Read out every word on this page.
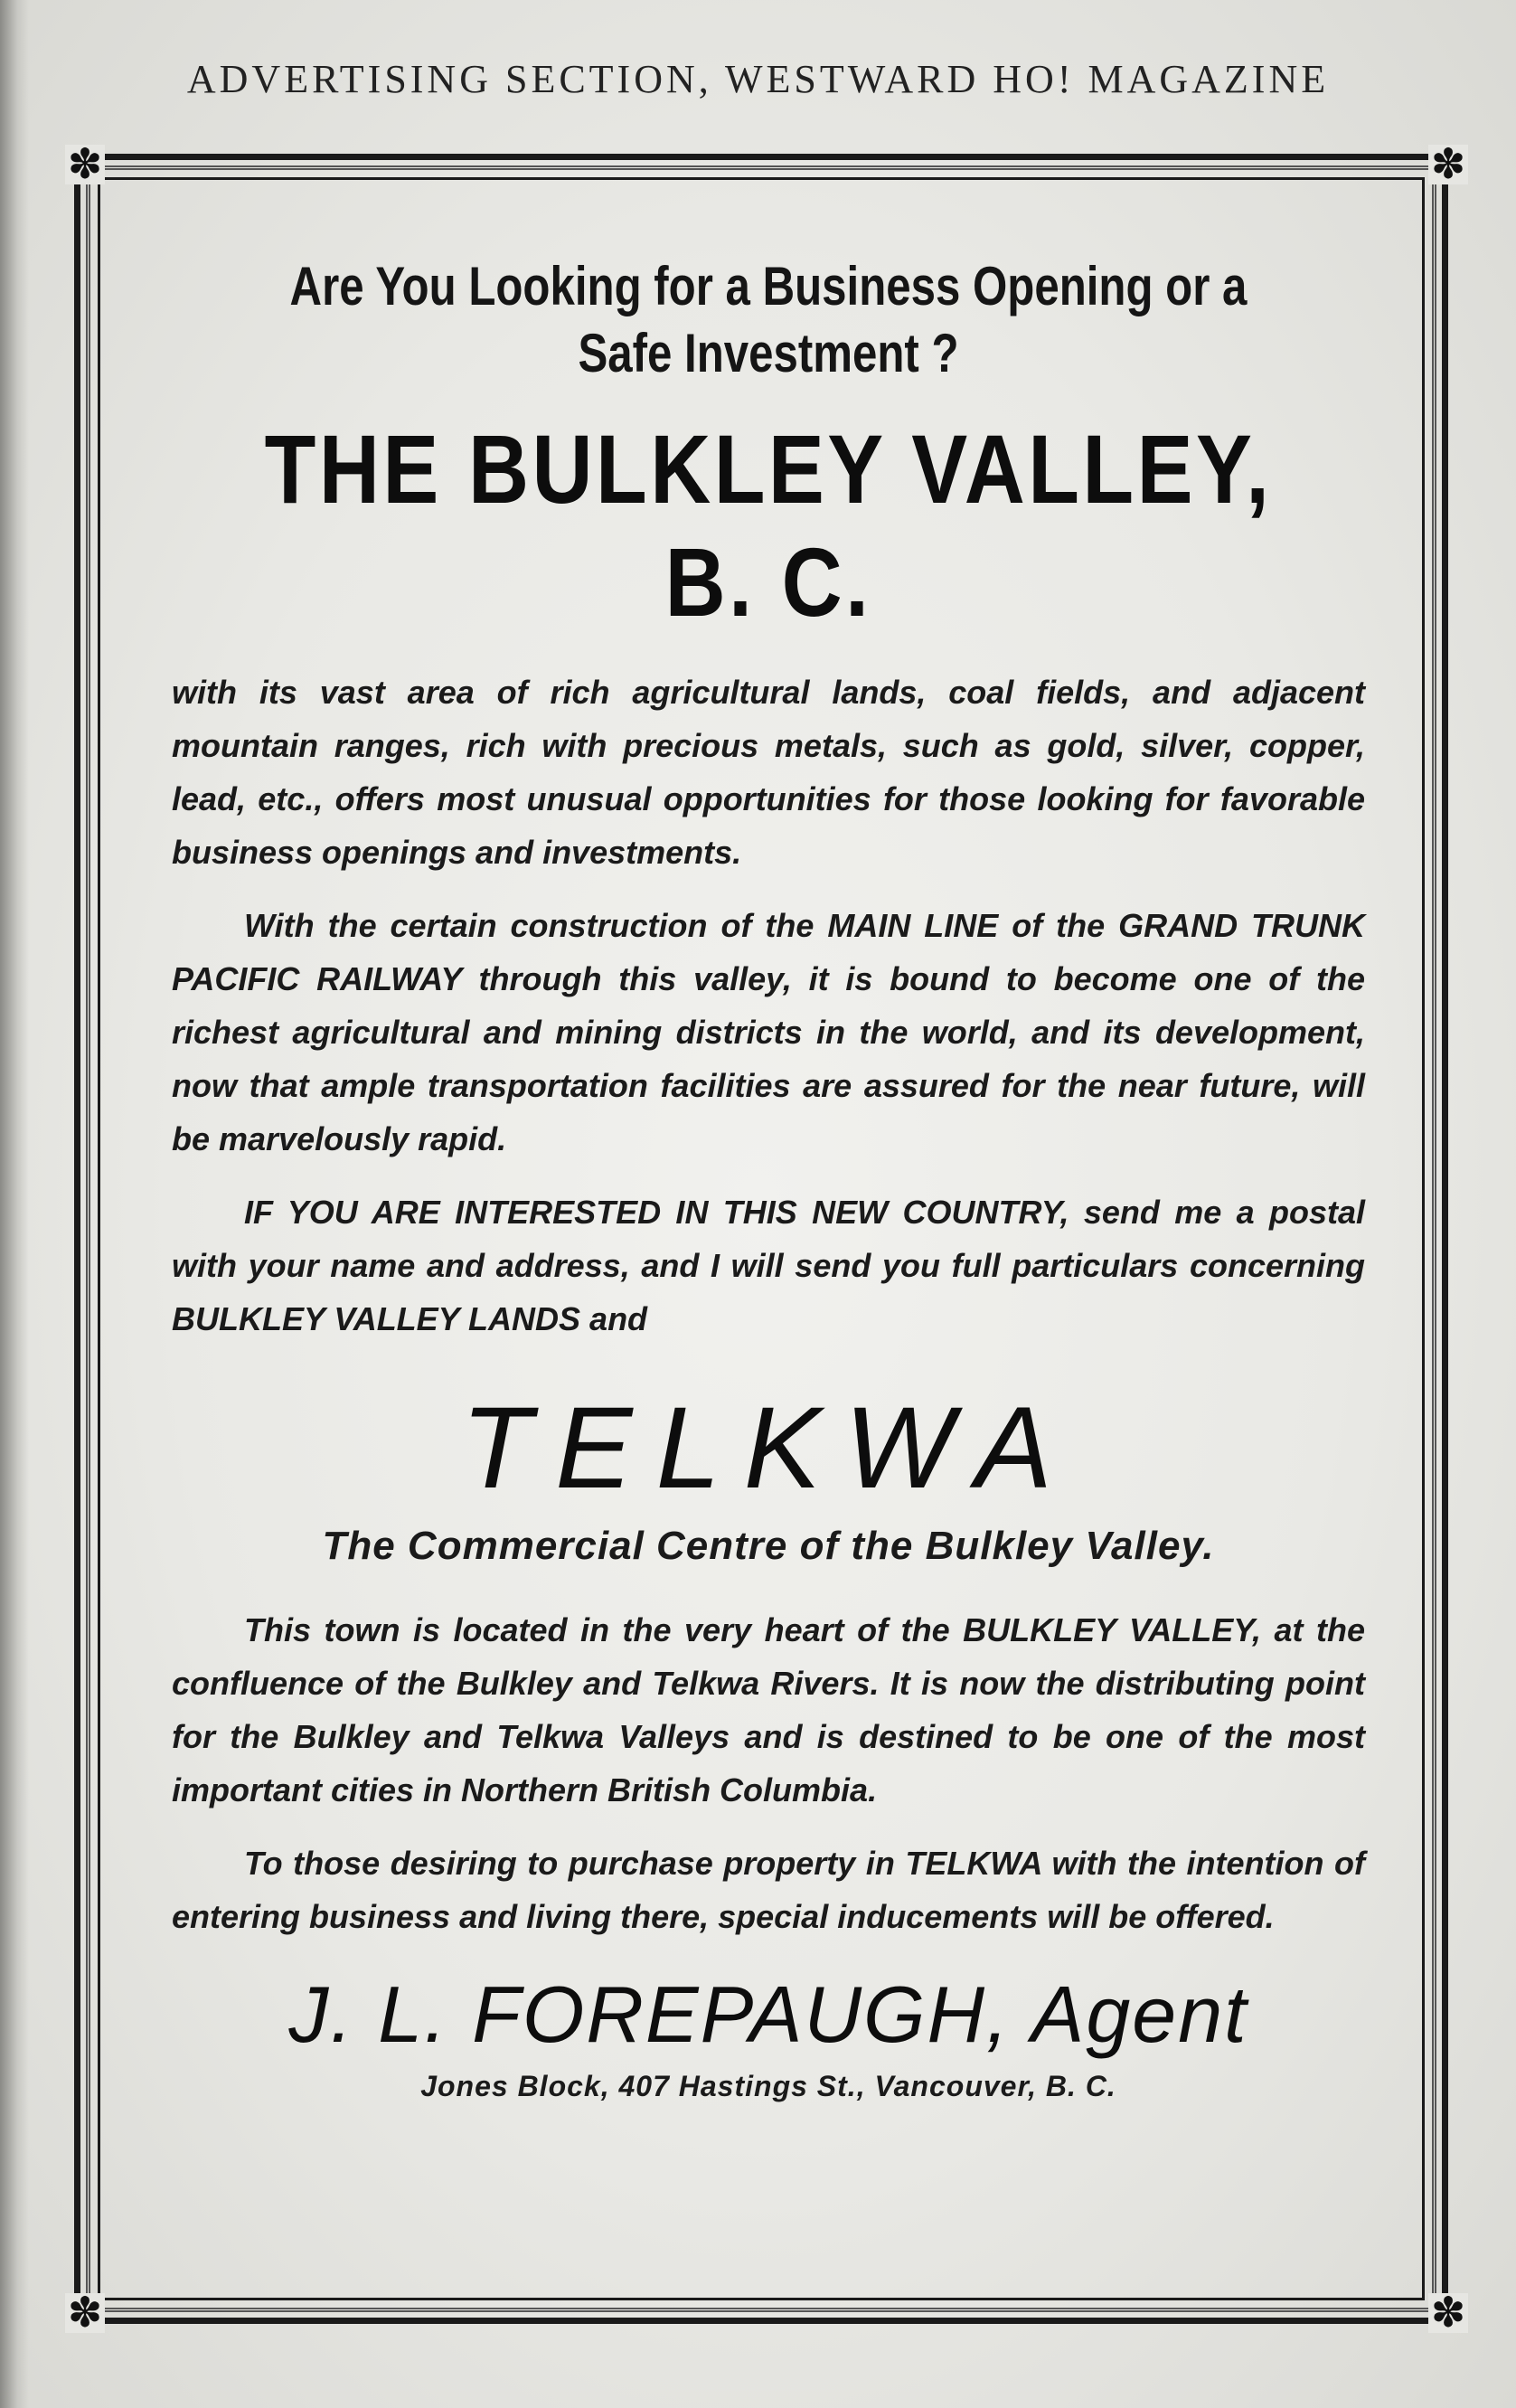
ADVERTISING SECTION, WESTWARD HO! MAGAZINE
✽	✽
✽	✽
Are You Looking for a Business Opening or a
Safe Investment ?
THE BULKLEY VALLEY, B. C.

with its vast area of rich agricultural lands, coal fields, and adjacent mountain ranges, rich with precious metals, such as gold, silver, copper, lead, etc., offers most unusual opportunities for those looking for favorable business openings and investments.

With the certain construction of the MAIN LINE of the GRAND TRUNK PACIFIC RAILWAY through this valley, it is bound to become one of the richest agricultural and mining districts in the world, and its development, now that ample transportation facilities are assured for the near future, will be marvelously rapid.

IF YOU ARE INTERESTED IN THIS NEW COUNTRY, send me a postal with your name and address, and I will send you full particulars concerning BULKLEY VALLEY LANDS and

TELKWA
The Commercial Centre of the Bulkley Valley.

This town is located in the very heart of the BULKLEY VALLEY, at the confluence of the Bulkley and Telkwa Rivers. It is now the distributing point for the Bulkley and Telkwa Valleys and is destined to be one of the most important cities in Northern British Columbia.

To those desiring to purchase property in TELKWA with the intention of entering business and living there, special inducements will be offered.

J. L. FOREPAUGH, Agent
Jones Block, 407 Hastings St., Vancouver, B. C.
